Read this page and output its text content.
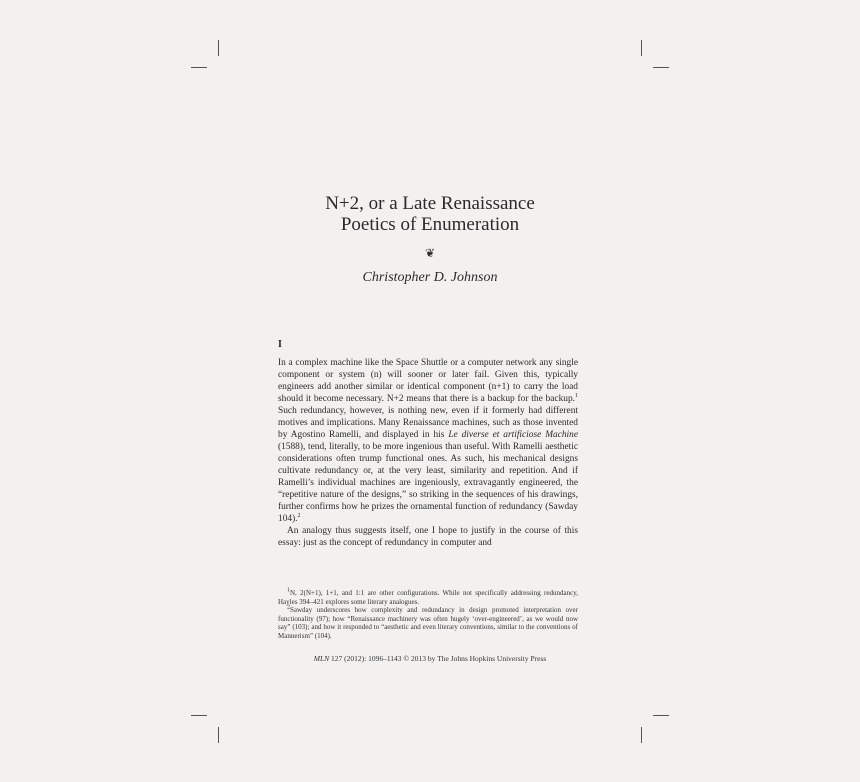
N+2, or a Late Renaissance
Poetics of Enumeration
❦
Christopher D. Johnson
I

In a complex machine like the Space Shuttle or a computer network any single component or system (n) will sooner or later fail. Given this, typically engineers add another similar or identical component (n+1) to carry the load should it become necessary. N+2 means that there is a backup for the backup.$^1$ Such redundancy, however, is nothing new, even if it formerly had different motives and implications. Many Renaissance machines, such as those invented by Agostino Ramelli, and displayed in his Le diverse et artificiose Machine (1588), tend, literally, to be more ingenious than useful. With Ramelli aesthetic considerations often trump functional ones. As such, his mechanical designs cultivate redundancy or, at the very least, similarity and repetition. And if Ramelli’s individual machines are ingeniously, extravagantly engineered, the “repetitive nature of the designs,” so striking in the sequences of his drawings, further confirms how he prizes the ornamental function of redundancy (Sawday 104).$^2$

An analogy thus suggests itself, one I hope to justify in the course of this essay: just as the concept of redundancy in computer and

$^1$N, 2(N+1), 1+1, and 1:1 are other configurations. While not specifically addressing redundancy, Hayles 394–421 explores some literary analogues.

$^2$Sawday underscores how complexity and redundancy in design promoted interpretation over functionality (97); how “Renaissance machinery was often hugely ‘over-engineered’, as we would now say” (103); and how it responded to “aesthetic and even literary conventions, similar to the conventions of Mannerism” (104).

MLN 127 (2012): 1096–1143 © 2013 by The Johns Hopkins University Press
